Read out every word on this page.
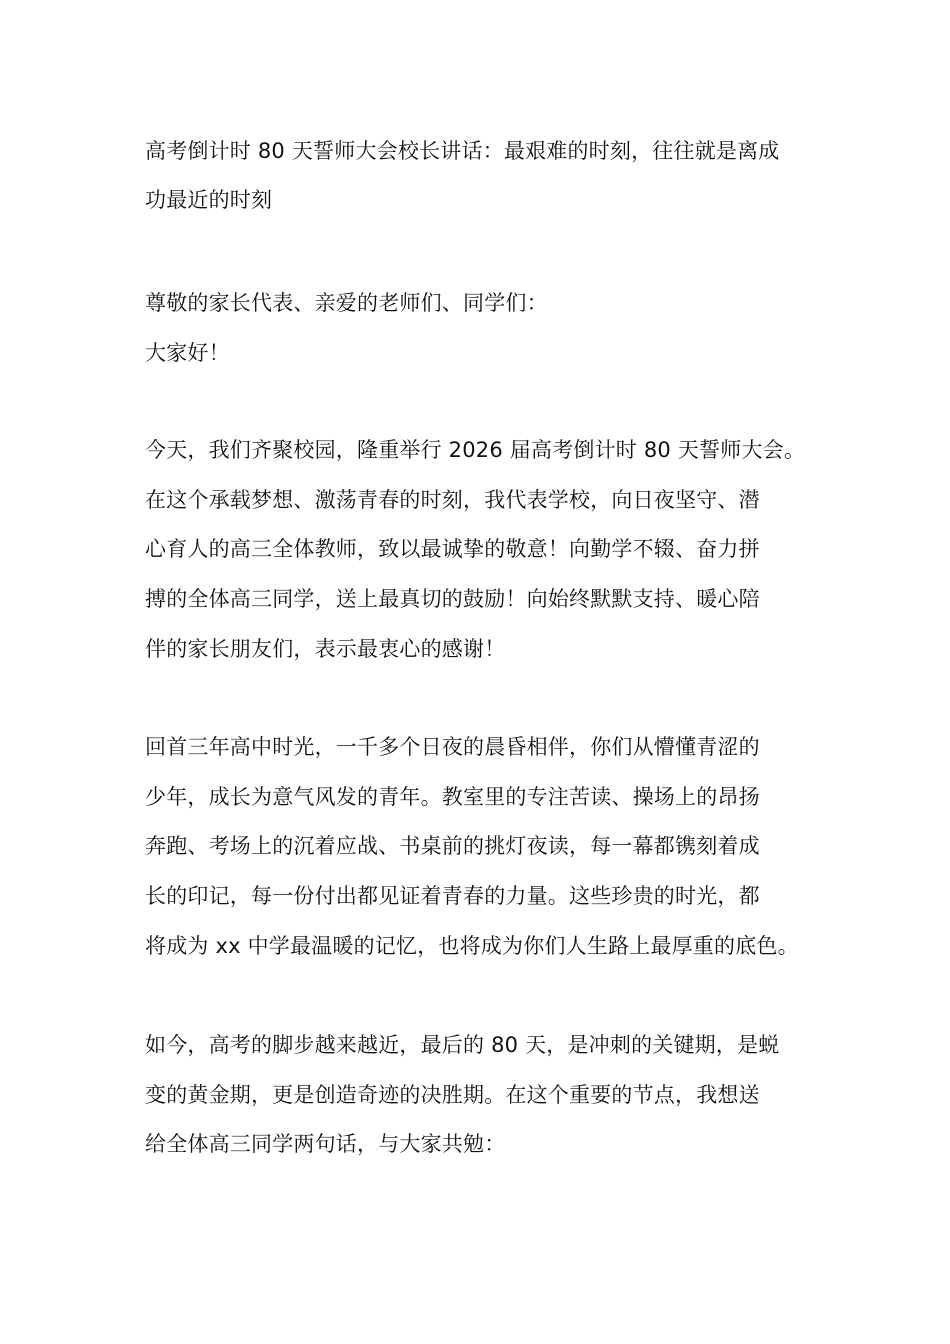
高考倒计时 80 天誓师大会校长讲话：最艰难的时刻，往往就是离成
功最近的时刻
尊敬的家长代表、亲爱的老师们、同学们：
大家好！
今天，我们齐聚校园，隆重举行 2026 届高考倒计时 80 天誓师大会。
在这个承载梦想、激荡青春的时刻，我代表学校，向日夜坚守、潜
心育人的高三全体教师，致以最诚挚的敬意！向勤学不辍、奋力拼
搏的全体高三同学，送上最真切的鼓励！向始终默默支持、暖心陪
伴的家长朋友们，表示最衷心的感谢！
回首三年高中时光，一千多个日夜的晨昏相伴，你们从懵懂青涩的
少年，成长为意气风发的青年。教室里的专注苦读、操场上的昂扬
奔跑、考场上的沉着应战、书桌前的挑灯夜读，每一幕都镌刻着成
长的印记，每一份付出都见证着青春的力量。这些珍贵的时光，都
将成为 xx 中学最温暖的记忆，也将成为你们人生路上最厚重的底色。
如今，高考的脚步越来越近，最后的 80 天，是冲刺的关键期，是蜕
变的黄金期，更是创造奇迹的决胜期。在这个重要的节点，我想送
给全体高三同学两句话，与大家共勉：
